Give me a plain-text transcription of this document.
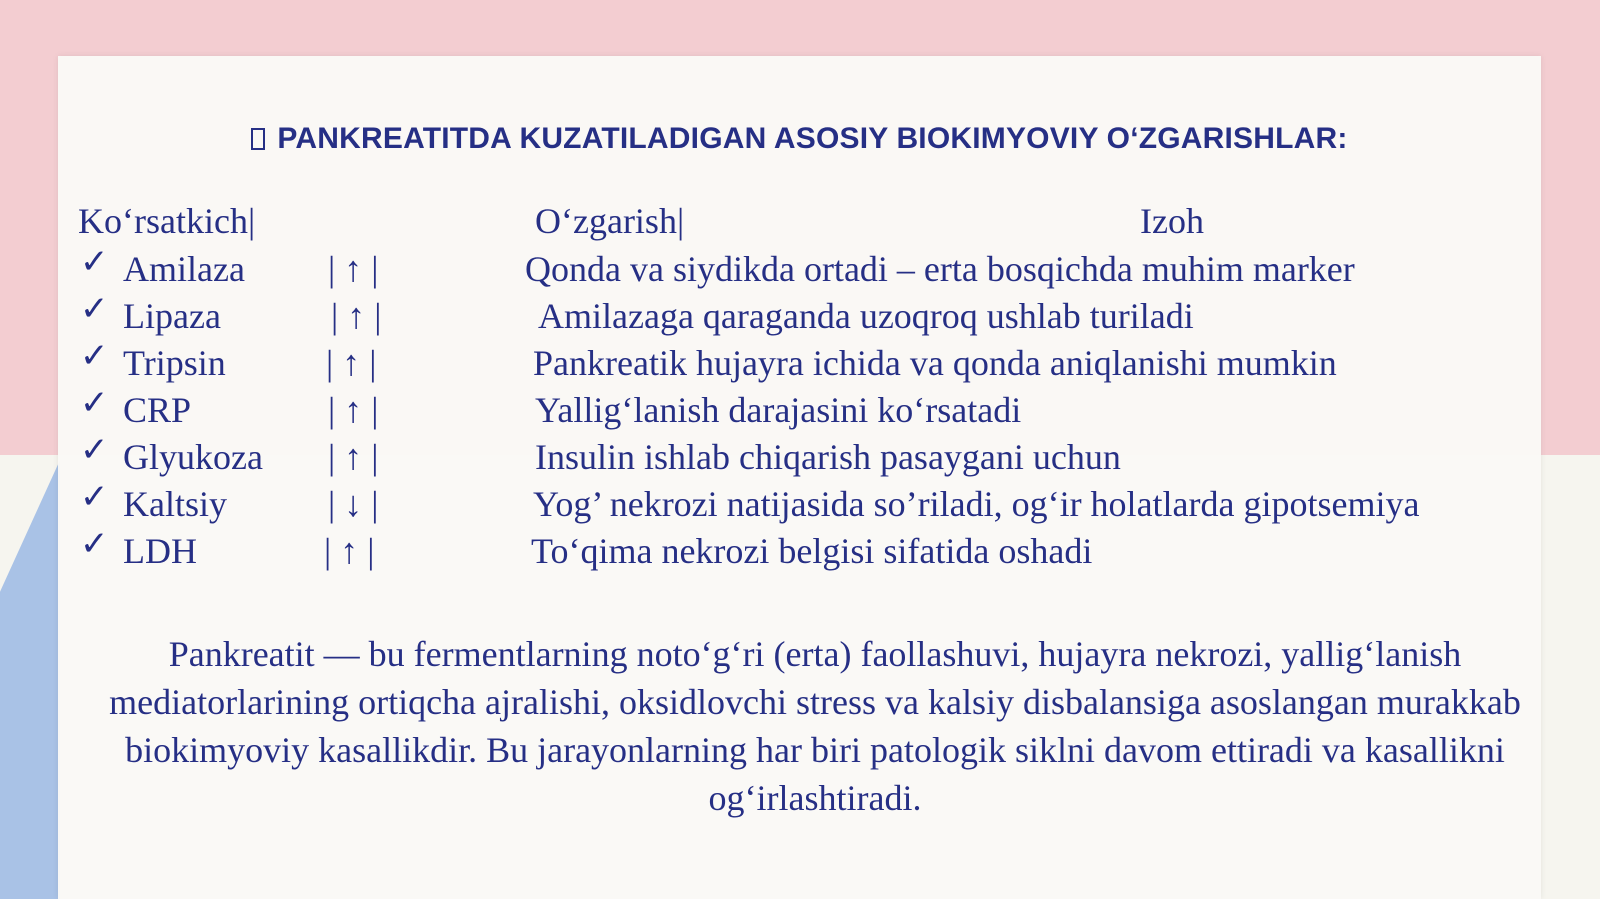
PANKREATITDA KUZATILADIGAN ASOSIY BIOKIMYOVIY O‘ZGARISHLAR:
Ko‘rsatkich|	O‘zgarish|	Izoh
✓ Amilaza | ↑ |	Qonda va siydikda ortadi – erta bosqichda muhim marker
✓ Lipaza	| ↑ |	Amilazaga qaraganda uzoqroq ushlab turiladi
✓ Tripsin	| ↑ |	Pankreatik hujayra ichida va qonda aniqlanishi mumkin
✓ CRP	| ↑ |	Yallig‘lanish darajasini ko‘rsatadi
✓ Glyukoza | ↑ |	Insulin ishlab chiqarish pasaygani uchun
✓ Kaltsiy	| ↓ |	Yog’ nekrozi natijasida so’riladi, og‘ir holatlarda gipotsemiya
✓ LDH	| ↑ |	To‘qima nekrozi belgisi sifatida oshadi
Pankreatit — bu fermentlarning noto‘g‘ri (erta) faollashuvi, hujayra nekrozi, yallig‘lanish mediatorlarining ortiqcha ajralishi, oksidlovchi stress va kalsiy disbalansiga asoslangan murakkab biokimyoviy kasallikdir. Bu jarayonlarning har biri patologik siklni davom ettiradi va kasallikni og‘irlashtiradi.
